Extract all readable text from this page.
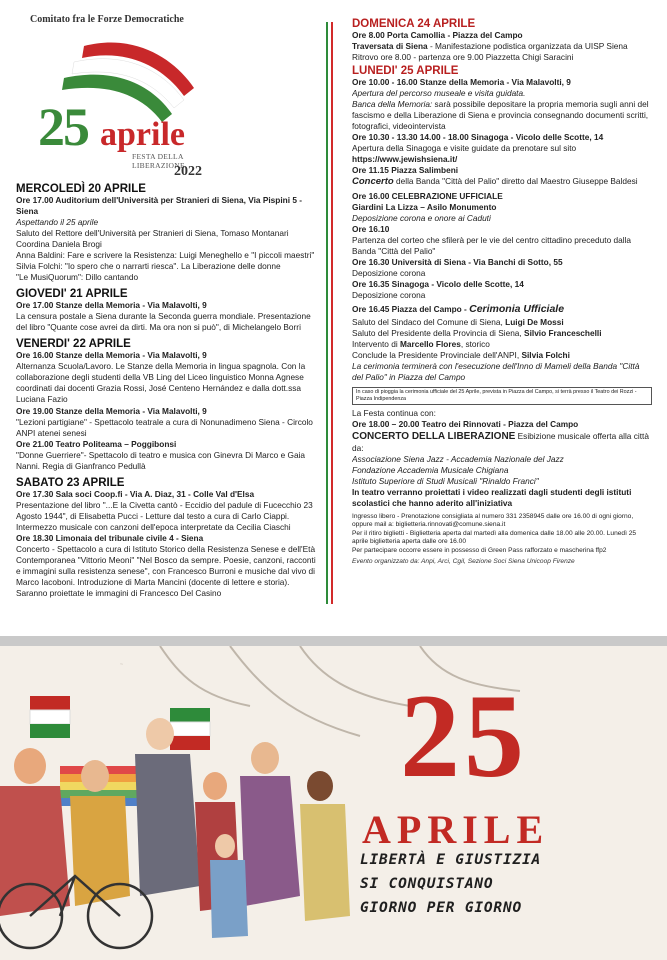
Comitato fra le Forze Democratiche
25 aprile
FESTA DELLA LIBERAZIONE
2022
MERCOLEDÌ 20 APRILE
Ore 17.00 Auditorium dell'Università per Stranieri di Siena, Via Pispini 5 - Siena
Aspettando il 25 aprile
Saluto del Rettore dell'Università per Stranieri di Siena, Tomaso Montanari
Coordina Daniela Brogi
Anna Baldini: Fare e scrivere la Resistenza: Luigi Meneghello e "I piccoli maestri"
Silvia Folchi: "Io spero che o narrarti riesca". La Liberazione delle donne
"Le MusiQuorum": Dillo cantando
GIOVEDI' 21 APRILE
Ore 17.00 Stanze della Memoria - Via Malavolti, 9
La censura postale a Siena durante la Seconda guerra mondiale. Presentazione del libro "Quante cose avrei da dirti. Ma ora non si può", di Michelangelo Borri
VENERDI' 22 APRILE
Ore 16.00 Stanze della Memoria - Via Malavolti, 9
Alternanza Scuola/Lavoro. Le Stanze della Memoria in lingua spagnola. Con la collaborazione degli studenti della VB Ling del Liceo linguistico Monna Agnese coordinati dai docenti Grazia Rossi, José Centeno Hernández e dalla dott.ssa Luciana Fazio
Ore 19.00 Stanze della Memoria - Via Malavolti, 9
"Lezioni partigiane" - Spettacolo teatrale a cura di Nonunadimeno Siena - Circolo ANPI atenei senesi
Ore 21.00 Teatro Politeama – Poggibonsi
"Donne Guerriere"- Spettacolo di teatro e musica con Ginevra Di Marco e Gaia Nanni. Regia di Gianfranco Pedullà
SABATO 23 APRILE
Ore 17.30 Sala soci Coop.fi - Via A. Diaz, 31 - Colle Val d'Elsa
Presentazione del libro "...E la Civetta cantò - Eccidio del padule di Fucecchio 23 Agosto 1944", di Elisabetta Pucci - Letture dal testo a cura di Carlo Ciappi. Intermezzo musicale con canzoni dell'epoca interpretate da Cecilia Ciaschi
Ore 18.30 Limonaia del tribunale civile 4 - Siena
Concerto - Spettacolo a cura di Istituto Storico della Resistenza Senese e dell'Età Contemporanea "Vittorio Meoni" "Nel Bosco da sempre. Poesie, canzoni, racconti e immagini sulla resistenza senese", con Francesco Burroni e musiche dal vivo di Marco Iacoboni. Introduzione di Marta Mancini (docente di lettere e storia). Saranno proiettate le immagini di Francesco Del Casino
DOMENICA 24 APRILE
Ore 8.00 Porta Camollia - Piazza del Campo
Traversata di Siena - Manifestazione podistica organizzata da UISP Siena
Ritrovo ore 8.00 - partenza ore 9.00 Piazzetta Chigi Saracini
LUNEDI' 25 APRILE
Ore 10.00 - 16.00 Stanze della Memoria - Via Malavolti, 9
Apertura del percorso museale e visita guidata.
Banca della Memoria: sarà possibile depositare la propria memoria sugli anni del fascismo e della Liberazione di Siena e provincia consegnando documenti scritti, fotografici, videointervista
Ore 10.30 - 13.30 14.00 - 18.00 Sinagoga - Vicolo delle Scotte, 14
Apertura della Sinagoga e visite guidate da prenotare sul sito
https://www.jewishsiena.it/
Ore 11.15 Piazza Salimbeni
Concerto della Banda "Città del Palio" diretto dal Maestro Giuseppe Baldesi
Ore 16.00 CELEBRAZIONE UFFICIALE
Giardini La Lizza – Asilo Monumento
Deposizione corona e onore ai Caduti
Ore 16.10
Partenza del corteo che sfilerà per le vie del centro cittadino preceduto dalla Banda "Città del Palio"
Ore 16.30 Università di Siena - Via Banchi di Sotto, 55
Deposizione corona
Ore 16.35 Sinagoga - Vicolo delle Scotte, 14
Deposizione corona
Ore 16.45 Piazza del Campo - Cerimonia Ufficiale
Saluto del Sindaco del Comune di Siena, Luigi De Mossi
Saluto del Presidente della Provincia di Siena, Silvio Franceschelli
Intervento di Marcello Flores, storico
Conclude la Presidente Provinciale dell'ANPI, Silvia Folchi
La cerimonia terminerà con l'esecuzione dell'Inno di Mameli della Banda "Città del Palio" in Piazza del Campo
In caso di pioggia la cerimonia ufficiale del 25 Aprile, prevista in Piazza del Campo, si terrà presso il Teatro dei Rozzi - Piazza Indipendenza
La Festa continua con:
Ore 18.00 – 20.00 Teatro dei Rinnovati - Piazza del Campo
CONCERTO DELLA LIBERAZIONE Esibizione musicale offerta alla città da:
Associazione Siena Jazz - Accademia Nazionale del Jazz
Fondazione Accademia Musicale Chigiana
Istituto Superiore di Studi Musicali "Rinaldo Franci"
In teatro verranno proiettati i video realizzati dagli studenti degli istituti scolastici che hanno aderito all'iniziativa
Ingresso libero - Prenotazione consigliata al numero 331 2358945 dalle ore 16.00 di ogni giorno, oppure mail a: biglietteria.rinnovati@comune.siena.it
Per il ritiro biglietti - Biglietteria aperta dal martedì alla domenica dalle 18.00 alle 20.00. Lunedì 25 aprile biglietteria aperta dalle ore 16.00
Per partecipare occorre essere in possesso di Green Pass rafforzato e mascherina ffp2
Evento organizzato da: Anpi, Arci, Cgil, Sezione Soci Siena Unicoop Firenze
~
25
APRILE
LIBERTÀ E GIUSTIZIA
SI CONQUISTANO
GIORNO PER GIORNO
